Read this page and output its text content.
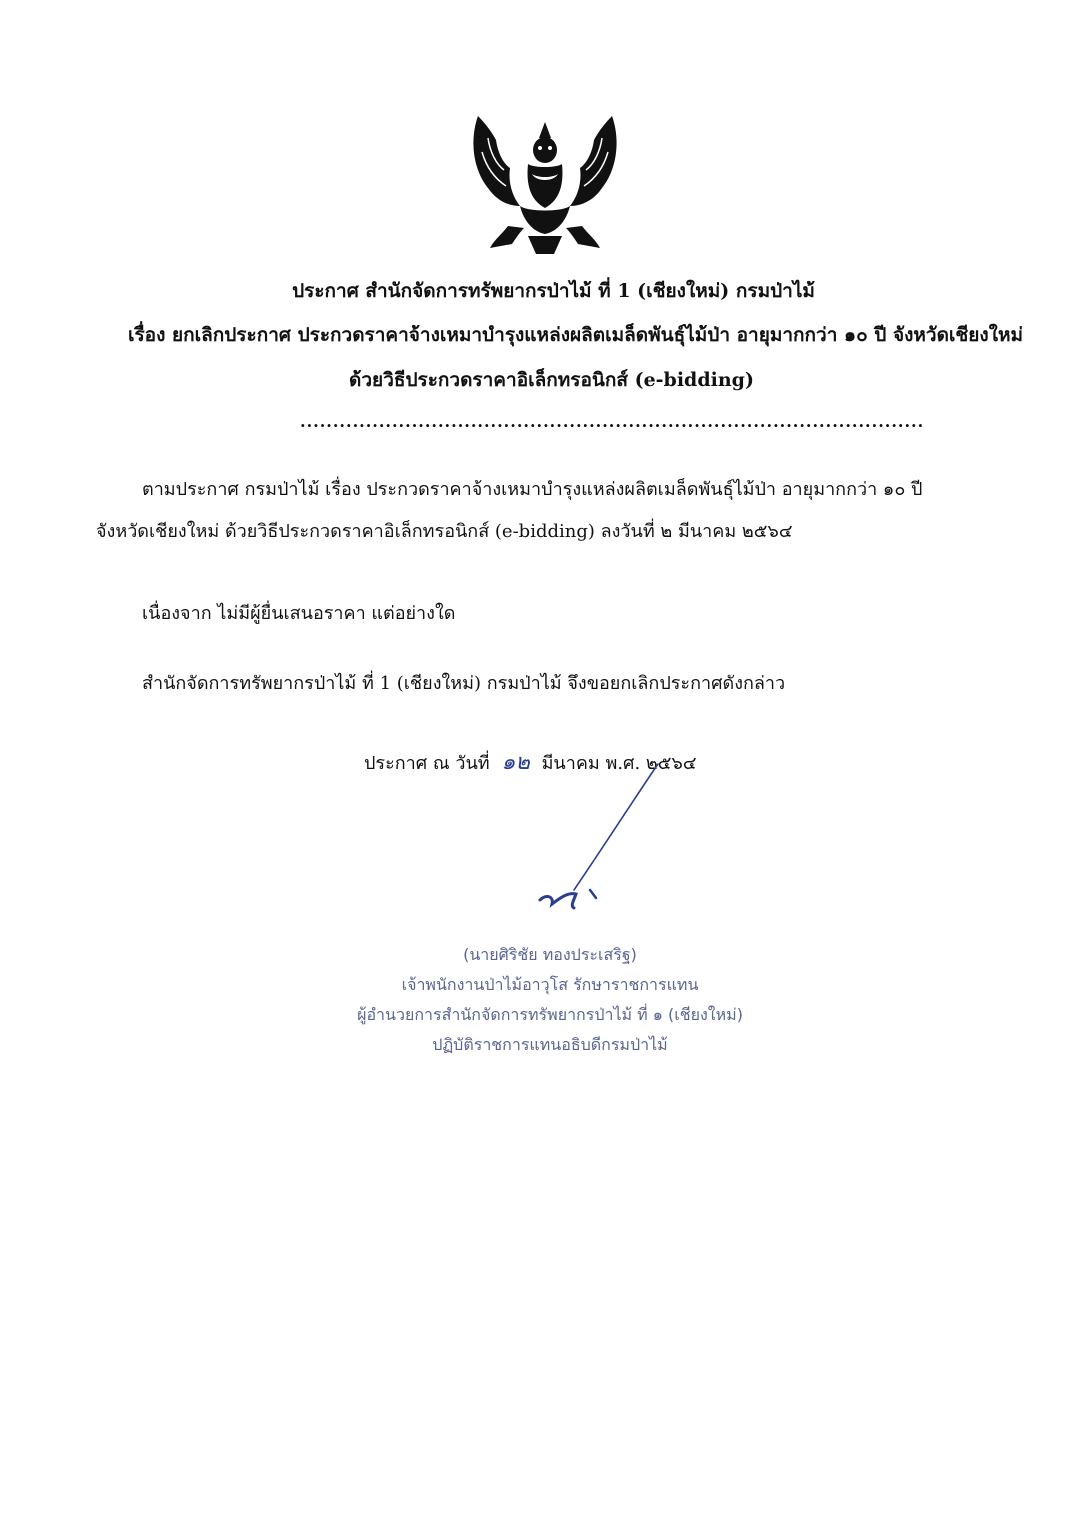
ประกาศ สำนักจัดการทรัพยากรป่าไม้ ที่ 1 (เชียงใหม่) กรมป่าไม้
เรื่อง ยกเลิกประกาศ ประกวดราคาจ้างเหมาบำรุงแหล่งผลิตเมล็ดพันธุ์ไม้ป่า อายุมากกว่า ๑๐ ปี จังหวัดเชียงใหม่
ด้วยวิธีประกวดราคาอิเล็กทรอนิกส์ (e-bidding)
...............................................................................................
ตามประกาศ กรมป่าไม้ เรื่อง ประกวดราคาจ้างเหมาบำรุงแหล่งผลิตเมล็ดพันธุ์ไม้ป่า อายุมากกว่า ๑๐ ปี
จังหวัดเชียงใหม่ ด้วยวิธีประกวดราคาอิเล็กทรอนิกส์ (e-bidding) ลงวันที่ ๒ มีนาคม ๒๕๖๔
เนื่องจาก ไม่มีผู้ยื่นเสนอราคา แต่อย่างใด
สำนักจัดการทรัพยากรป่าไม้ ที่ 1 (เชียงใหม่) กรมป่าไม้ จึงขอยกเลิกประกาศดังกล่าว
ประกาศ ณ วันที่ ๑๒ มีนาคม พ.ศ. ๒๕๖๔
(นายศิริชัย ทองประเสริฐ)
เจ้าพนักงานป่าไม้อาวุโส รักษาราชการแทน
ผู้อำนวยการสำนักจัดการทรัพยากรป่าไม้ ที่ ๑ (เชียงใหม่)
ปฏิบัติราชการแทนอธิบดีกรมป่าไม้
